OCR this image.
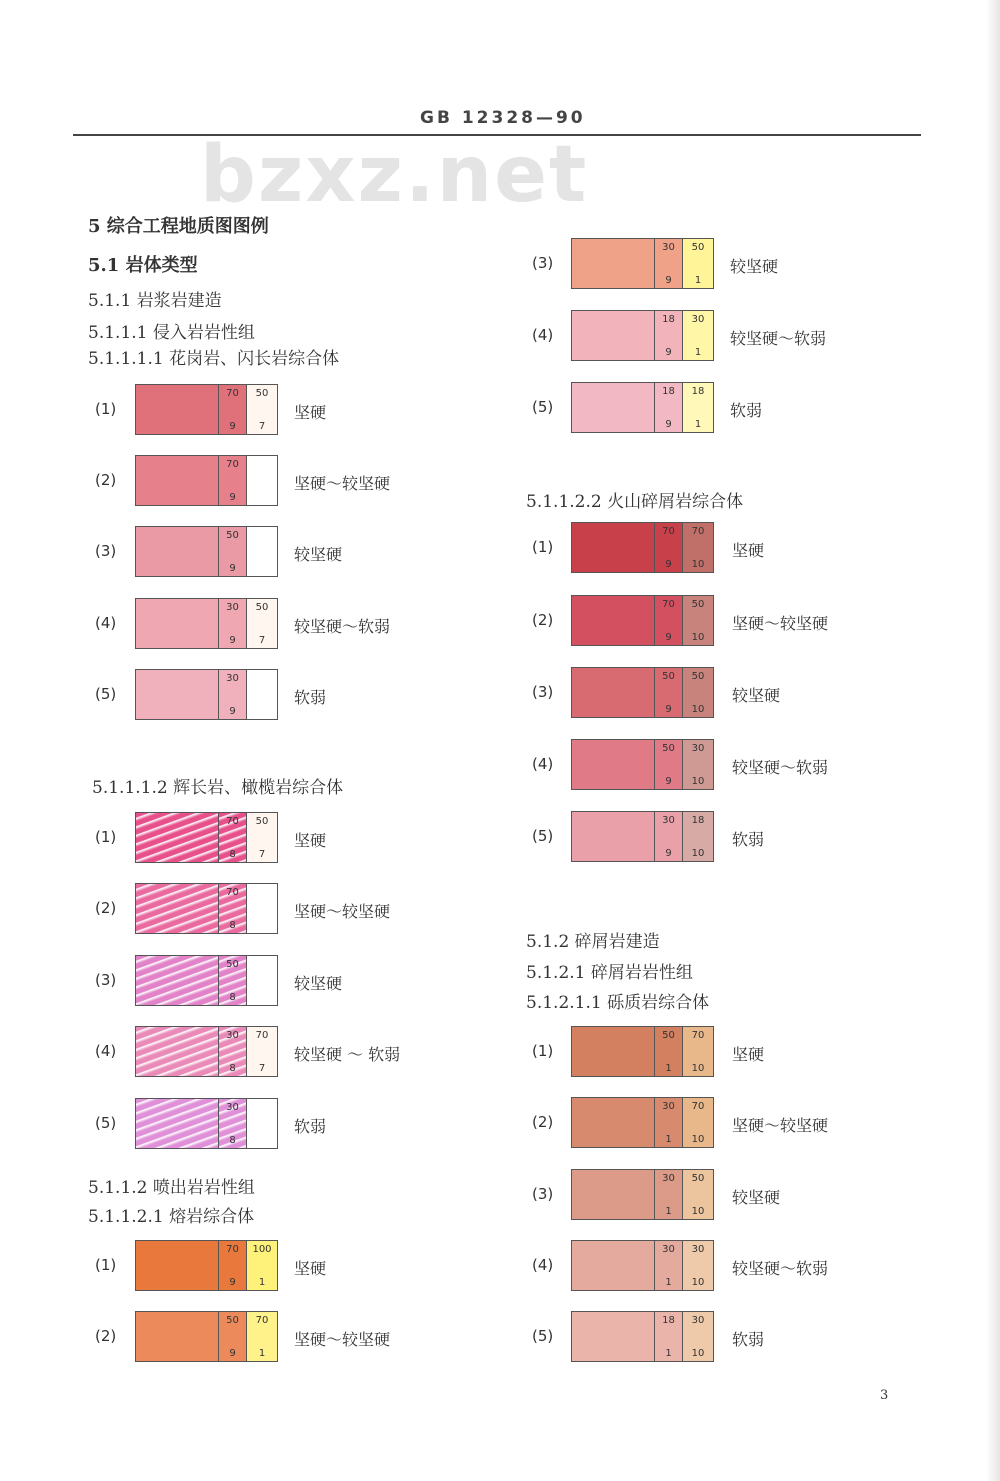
GB 12328—90
bzxz.net
5 综合工程地质图图例
5.1 岩体类型
5.1.1 岩浆岩建造
5.1.1.1 侵入岩岩性组
5.1.1.1.1 花岗岩、闪长岩综合体
5.1.1.1.2 辉长岩、橄榄岩综合体
5.1.1.2 喷出岩岩性组
5.1.1.2.1 熔岩综合体
5.1.1.2.2 火山碎屑岩综合体
5.1.2 碎屑岩建造
5.1.2.1 碎屑岩岩性组
5.1.2.1.1 砾质岩综合体
(1)
70
9
50
7
坚硬
(2)
70
9
坚硬～较坚硬
(3)
50
9
较坚硬
(4)
30
9
50
7
较坚硬～软弱
(5)
30
9
软弱
(1)
70
8
50
7
坚硬
(2)
70
8
坚硬～较坚硬
(3)
50
8
较坚硬
(4)
30
8
70
7
较坚硬 ～ 软弱
(5)
30
8
软弱
(1)
70
9
100
1
坚硬
(2)
50
9
70
1
坚硬～较坚硬
(3)
30
9
50
1
较坚硬
(4)
18
9
30
1
较坚硬～软弱
(5)
18
9
18
1
软弱
(1)
70
9
70
10
坚硬
(2)
70
9
50
10
坚硬～较坚硬
(3)
50
9
50
10
较坚硬
(4)
50
9
30
10
较坚硬～软弱
(5)
30
9
18
10
软弱
(1)
50
1
70
10
坚硬
(2)
30
1
70
10
坚硬～较坚硬
(3)
30
1
50
10
较坚硬
(4)
30
1
30
10
较坚硬～软弱
(5)
18
1
30
10
软弱
3
